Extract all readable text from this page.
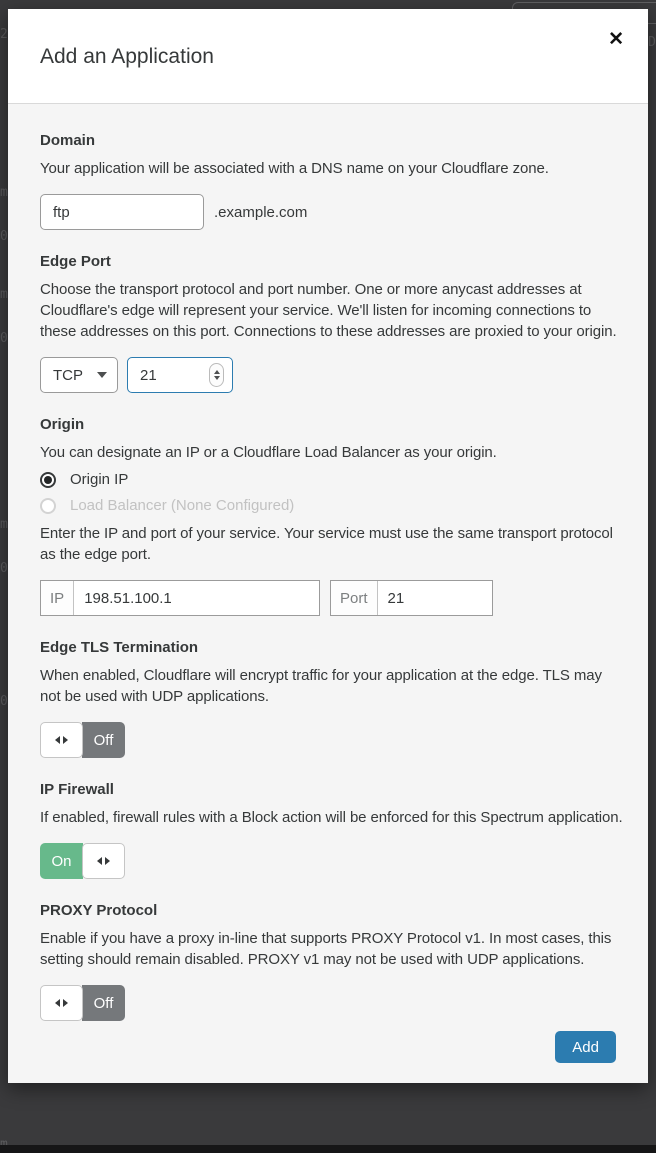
2
m
0
m
0
m
0
0
D
Add an Application
✕
Domain

Your application will be associated with a DNS name on your Cloudflare zone.

ftp
.example.com
Edge Port

Choose the transport protocol and port number. One or more anycast addresses at Cloudflare's edge will represent your service. We'll listen for incoming connections to these addresses on this port. Connections to these addresses are proxied to your origin.

TCP	21
Origin

You can designate an IP or a Cloudflare Load Balancer as your origin.

Origin IP
Load Balancer (None Configured)

Enter the IP and port of your service. Your service must use the same transport protocol as the edge port.

IP
198.51.100.1	Port
21
Edge TLS Termination

When enabled, Cloudflare will encrypt traffic for your application at the edge. TLS may not be used with UDP applications.

Off
IP Firewall

If enabled, firewall rules with a Block action will be enforced for this Spectrum application.

On
PROXY Protocol

Enable if you have a proxy in-line that supports PROXY Protocol v1. In most cases, this setting should remain disabled. PROXY v1 may not be used with UDP applications.

Off
Add
